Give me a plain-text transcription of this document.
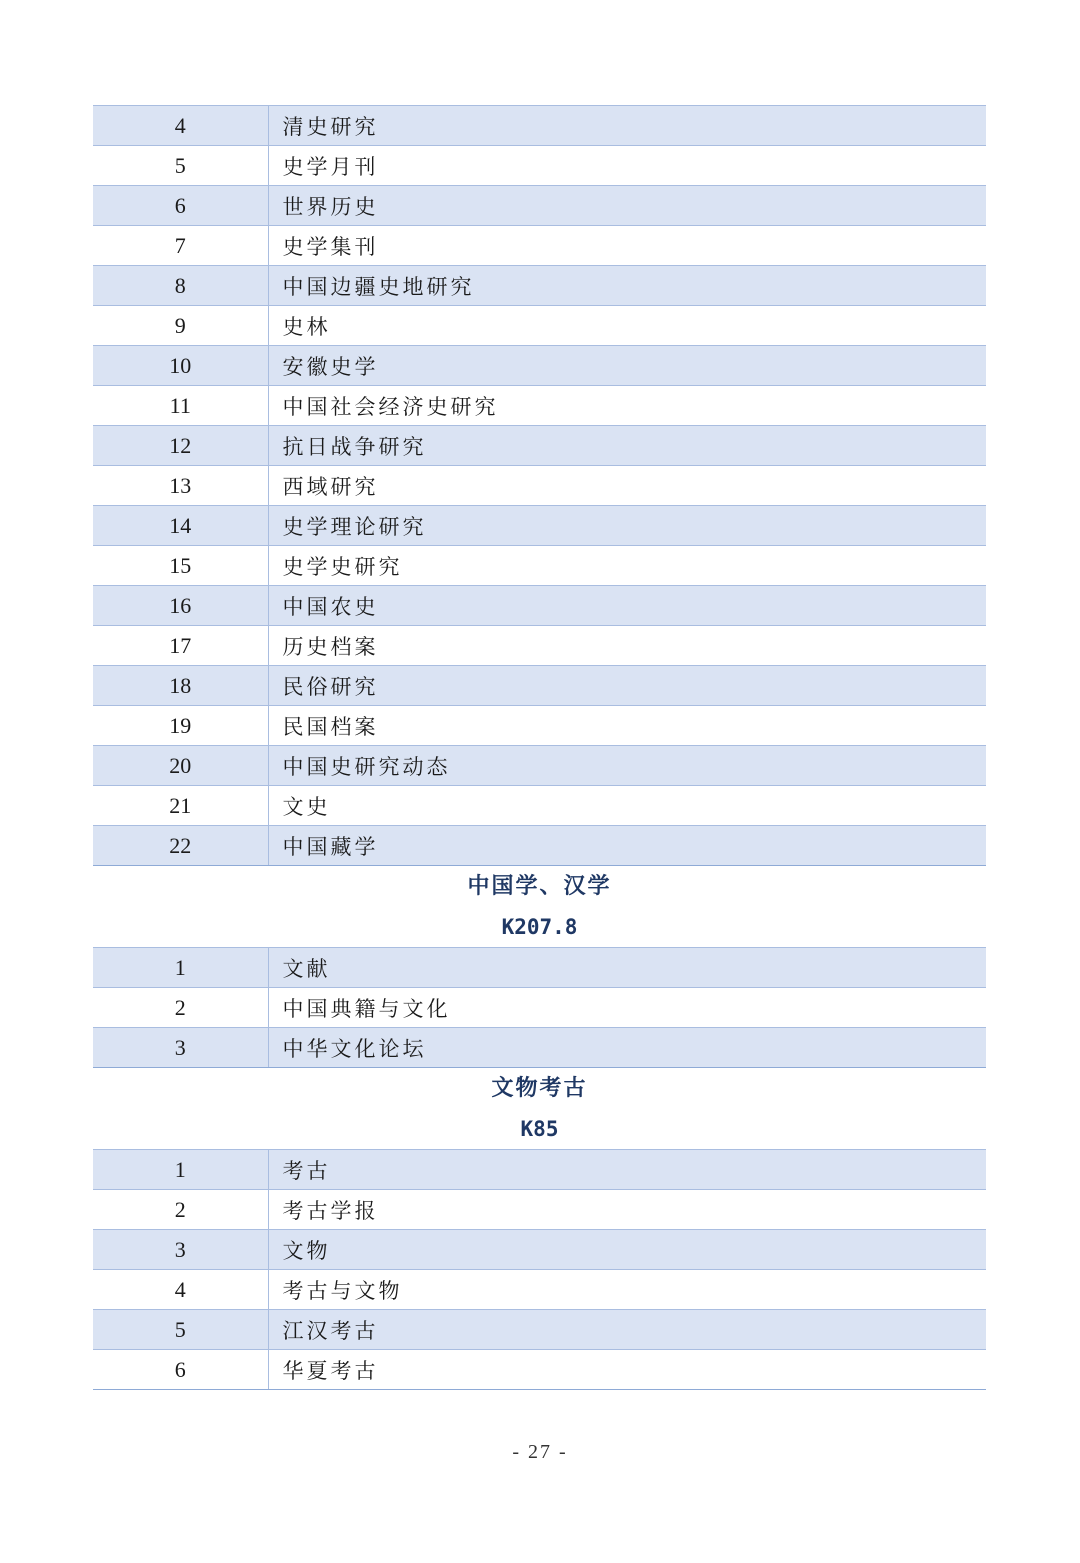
4	清史研究
5	史学月刊
6	世界历史
7	史学集刊
8	中国边疆史地研究
9	史林
10	安徽史学
11	中国社会经济史研究
12	抗日战争研究
13	西域研究
14	史学理论研究
15	史学史研究
16	中国农史
17	历史档案
18	民俗研究
19	民国档案
20	中国史研究动态
21	文史
22	中国藏学
中国学、汉学
K207.8
1	文献
2	中国典籍与文化
3	中华文化论坛
文物考古
K85
1	考古
2	考古学报
3	文物
4	考古与文物
5	江汉考古
6	华夏考古
- 27 -
